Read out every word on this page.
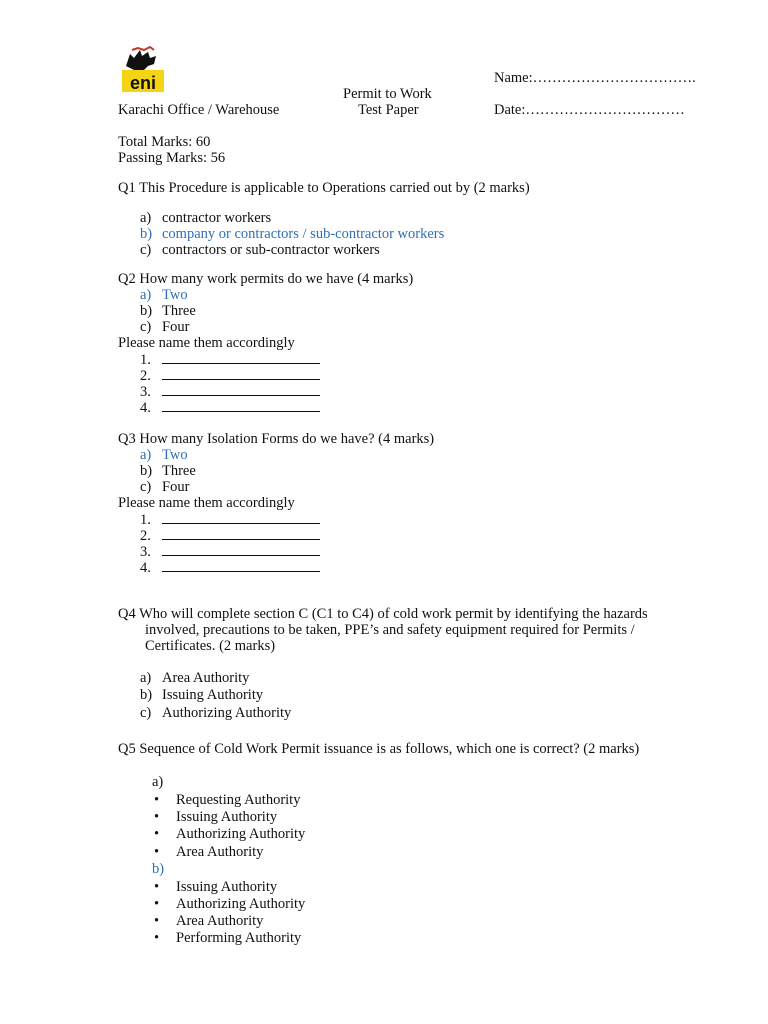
eni
Permit to Work
Test Paper
Karachi Office / Warehouse
Name:…………………………….
Date:……………………………
Total Marks: 60
Passing Marks: 56
Q1 This Procedure is applicable to Operations carried out by (2 marks)
a) contractor workers
b) company or contractors / sub-contractor workers
c) contractors or sub-contractor workers
Q2 How many work permits do we have (4 marks)
a) Two
b) Three
c) Four
Please name them accordingly
1.
2.
3.
4.
Q3 How many Isolation Forms do we have? (4 marks)
a) Two
b) Three
c) Four
Please name them accordingly
1.
2.
3.
4.
Q4 Who will complete section C (C1 to C4) of cold work permit by identifying the hazards
involved, precautions to be taken, PPE’s and safety equipment required for Permits /
Certificates. (2 marks)
a) Area Authority
b) Issuing Authority
c) Authorizing Authority
Q5 Sequence of Cold Work Permit issuance is as follows, which one is correct? (2 marks)
a)
• Requesting Authority
• Issuing Authority
• Authorizing Authority
• Area Authority
b)
• Issuing Authority
• Authorizing Authority
• Area Authority
• Performing Authority
